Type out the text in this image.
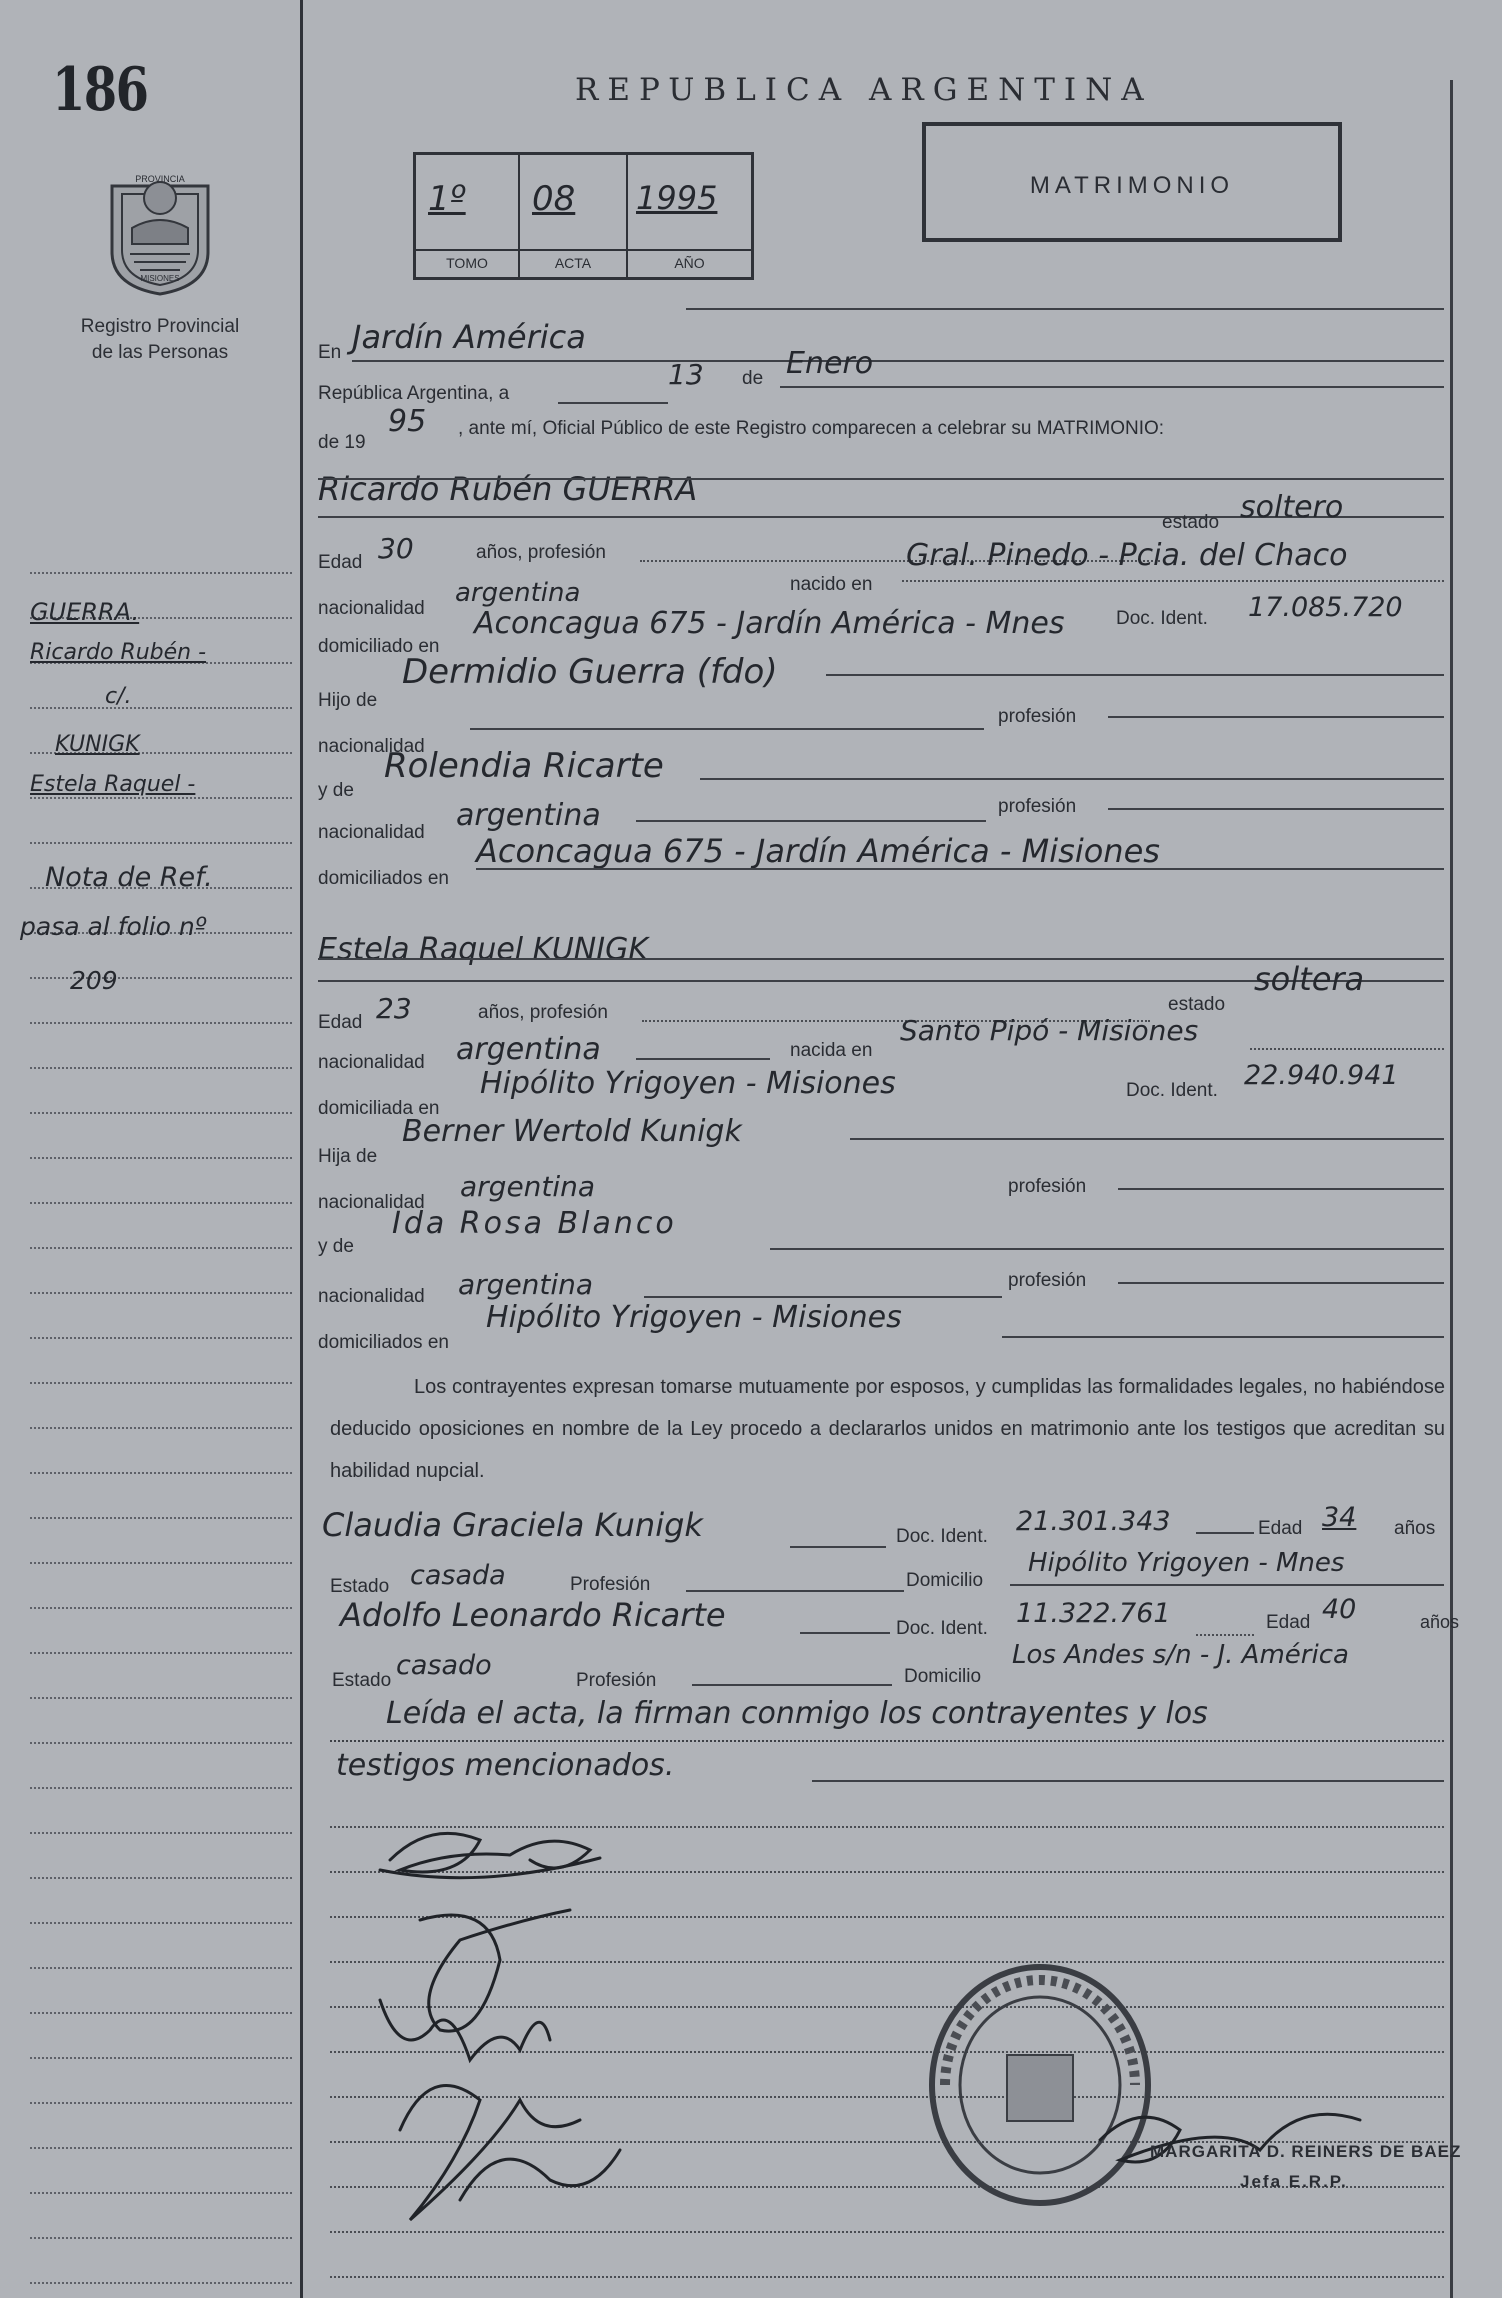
186
PROVINCIA
MISIONES
Registro Provincial
de las Personas
GUERRA.
Ricardo Rubén -
c/.
KUNIGK
Estela Raquel -
Nota de Ref.
pasa al folio nº
209
REPUBLICA ARGENTINA
1º
TOMO
08
ACTA
1995
AÑO
MATRIMONIO
En Jardín América
República Argentina, a
13 de Enero
de 19
95 , ante mí, Oficial Público de este Registro comparecen a celebrar su MATRIMONIO:
Ricardo Rubén GUERRA
Edad 30	años, profesión
estado soltero
nacionalidad
argentina	nacido en
Gral. Pinedo - Pcia. del Chaco
domiciliado en
Aconcagua 675 - Jardín América - Mnes	Doc. Ident. 17.085.720
Hijo de
Dermidio Guerra (fdo)
nacionalidad
profesión
y de
Rolendia Ricarte
nacionalidad argentina	profesión
domiciliados en
Aconcagua 675 - Jardín América - Misiones
Estela Raquel KUNIGK
Edad 23	años, profesión	estado
soltera
nacionalidad argentina	nacida en
Santo Pipó - Misiones
domiciliada en
Hipólito Yrigoyen - Misiones	Doc. Ident. 22.940.941
Hija de
Berner Wertold Kunigk
nacionalidad argentina	profesión
y de
Ida Rosa Blanco
nacionalidad argentina	profesión
domiciliados en
Hipólito Yrigoyen - Misiones
Los contrayentes expresan tomarse mutuamente por esposos, y cumplidas las formalidades legales, no habiéndose deducido oposiciones en nombre de la Ley procedo a declararlos unidos en matrimonio ante los testigos que acreditan su habilidad nupcial.
Claudia Graciela Kunigk	Doc. Ident. 21.301.343	Edad 34 años
Estado casada	Profesión	Domicilio
Hipólito Yrigoyen - Mnes
Adolfo Leonardo Ricarte	Doc. Ident. 11.322.761	Edad 40	años
Estado casado	Profesión	Domicilio
Los Andes s/n - J. América
Leída el acta, la firman conmigo los contrayentes y los
testigos mencionados.
MARGARITA D. REINERS DE BAEZ
Jefa E.R.P.
